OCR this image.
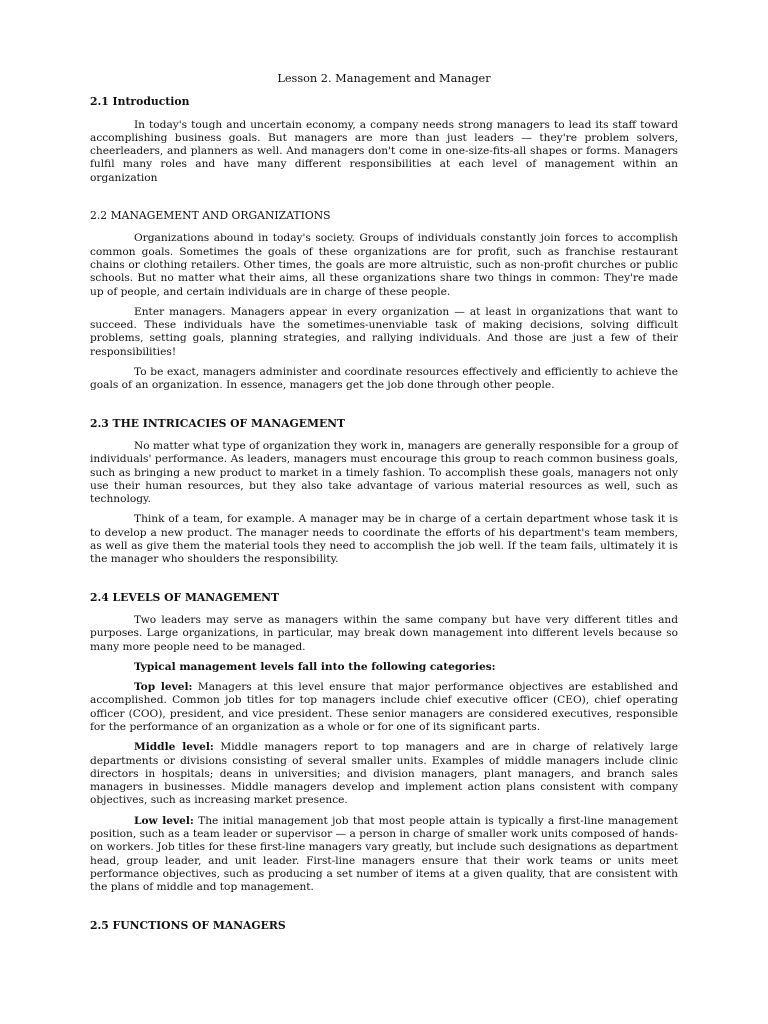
Lesson 2. Management and Manager
2.1 Introduction

In today's tough and uncertain economy, a company needs strong managers to lead its staff toward accomplishing business goals. But managers are more than just leaders — they're problem solvers, cheerleaders, and planners as well. And managers don't come in one-size-fits-all shapes or forms. Managers fulfil many roles and have many different responsibilities at each level of management within an organization

2.2 MANAGEMENT AND ORGANIZATIONS

Organizations abound in today's society. Groups of individuals constantly join forces to accomplish common goals. Sometimes the goals of these organizations are for profit, such as franchise restaurant chains or clothing retailers. Other times, the goals are more altruistic, such as non-profit churches or public schools. But no matter what their aims, all these organizations share two things in common: They're made up of people, and certain individuals are in charge of these people.

Enter managers. Managers appear in every organization — at least in organizations that want to succeed. These individuals have the sometimes-unenviable task of making decisions, solving difficult problems, setting goals, planning strategies, and rallying individuals. And those are just a few of their responsibilities!

To be exact, managers administer and coordinate resources effectively and efficiently to achieve the goals of an organization. In essence, managers get the job done through other people.

2.3 THE INTRICACIES OF MANAGEMENT

No matter what type of organization they work in, managers are generally responsible for a group of individuals' performance. As leaders, managers must encourage this group to reach common business goals, such as bringing a new product to market in a timely fashion. To accomplish these goals, managers not only use their human resources, but they also take advantage of various material resources as well, such as technology.

Think of a team, for example. A manager may be in charge of a certain department whose task it is to develop a new product. The manager needs to coordinate the efforts of his department's team members, as well as give them the material tools they need to accomplish the job well. If the team fails, ultimately it is the manager who shoulders the responsibility.

2.4 LEVELS OF MANAGEMENT

Two leaders may serve as managers within the same company but have very different titles and purposes. Large organizations, in particular, may break down management into different levels because so many more people need to be managed.

Typical management levels fall into the following categories:

Top level: Managers at this level ensure that major performance objectives are established and accomplished. Common job titles for top managers include chief executive officer (CEO), chief operating officer (COO), president, and vice president. These senior managers are considered executives, responsible for the performance of an organization as a whole or for one of its significant parts.

Middle level: Middle managers report to top managers and are in charge of relatively large departments or divisions consisting of several smaller units. Examples of middle managers include clinic directors in hospitals; deans in universities; and division managers, plant managers, and branch sales managers in businesses. Middle managers develop and implement action plans consistent with company objectives, such as increasing market presence.

Low level: The initial management job that most people attain is typically a first-line management position, such as a team leader or supervisor — a person in charge of smaller work units composed of hands-on workers. Job titles for these first-line managers vary greatly, but include such designations as department head, group leader, and unit leader. First-line managers ensure that their work teams or units meet performance objectives, such as producing a set number of items at a given quality, that are consistent with the plans of middle and top management.

2.5 FUNCTIONS OF MANAGERS
